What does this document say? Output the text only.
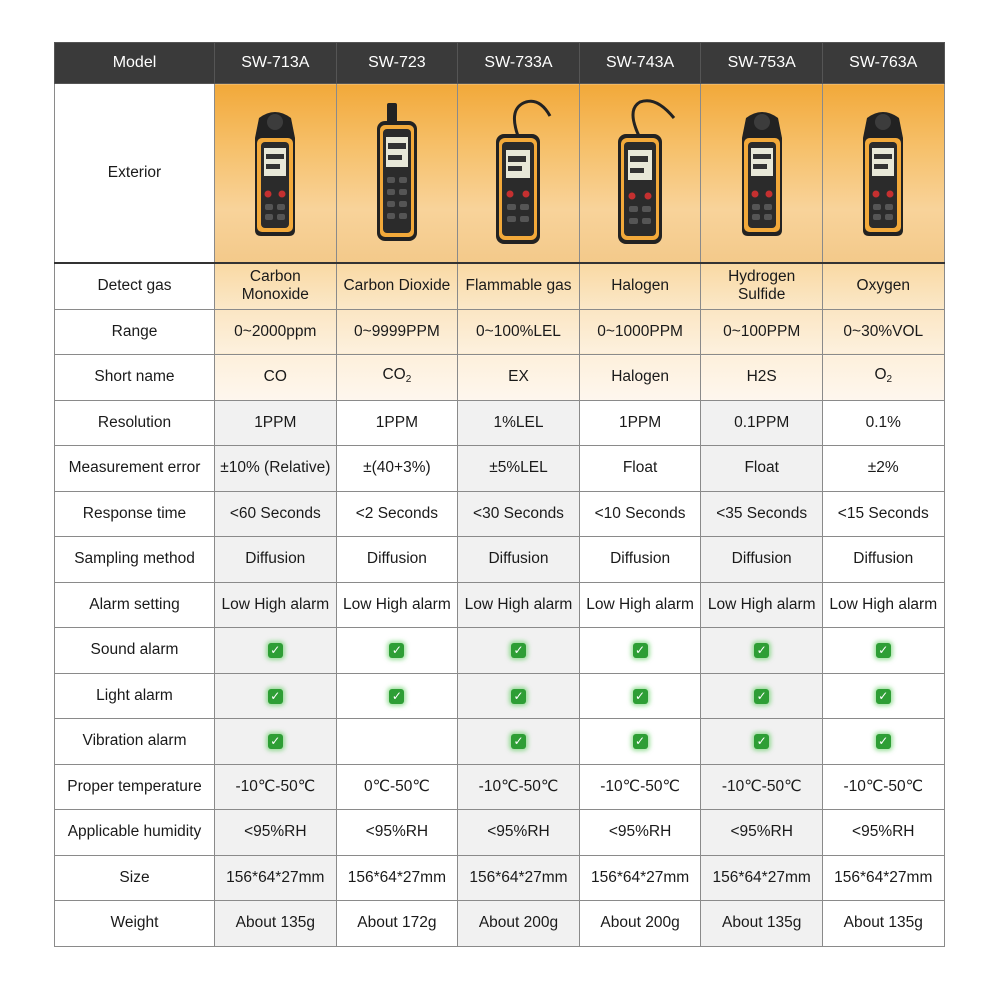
Model	SW-713A	SW-723	SW-733A	SW-743A	SW-753A	SW-763A
Exterior	

Detect gas	Carbon Monoxide	Carbon Dioxide	Flammable gas	Halogen	Hydrogen Sulfide	Oxygen
Range	0~2000ppm	0~9999PPM	0~100%LEL	0~1000PPM	0~100PPM	0~30%VOL
Short name	CO	$CO_2$	EX	Halogen	H2S	$O_2$
Resolution	1PPM	1PPM	1%LEL	1PPM	0.1PPM	0.1%
Measurement error	±10% (Relative)	±(40+3%)	±5%LEL	Float	Float	±2%
Response time	<60 Seconds	<2 Seconds	<30 Seconds	<10 Seconds	<35 Seconds	<15 Seconds
Sampling method	Diffusion	Diffusion	Diffusion	Diffusion	Diffusion	Diffusion
Alarm setting	Low High alarm	Low High alarm	Low High alarm	Low High alarm	Low High alarm	Low High alarm
Sound alarm	✓	✓	✓	✓	✓	✓
Light alarm	✓	✓	✓	✓	✓	✓
Vibration alarm	✓		✓	✓	✓	✓
Proper temperature	-10℃-50℃	0℃-50℃	-10℃-50℃	-10℃-50℃	-10℃-50℃	-10℃-50℃
Applicable humidity	<95%RH	<95%RH	<95%RH	<95%RH	<95%RH	<95%RH
Size	156*64*27mm	156*64*27mm	156*64*27mm	156*64*27mm	156*64*27mm	156*64*27mm
Weight	About 135g	About 172g	About 200g	About 200g	About 135g	About 135g
